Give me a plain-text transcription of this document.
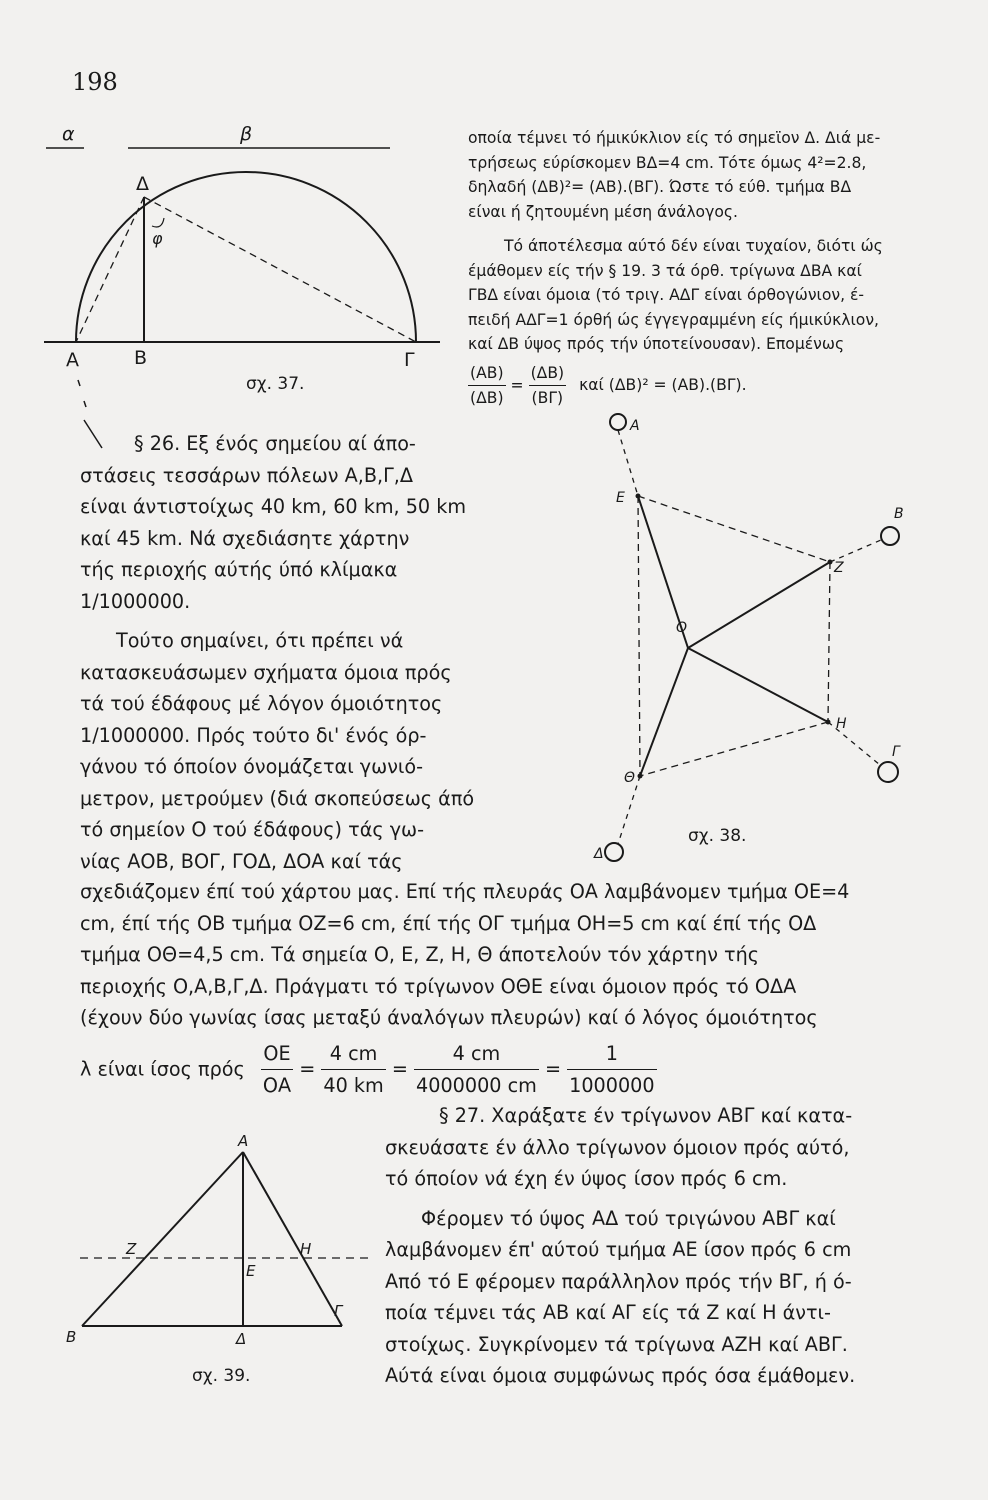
198
α	β
Δ
φ
Α	Β	Γ
σχ. 37.
οποία τέμνει τό ήμικύκλιον είς τό σημεϊον Δ. Διά με-
τρήσεως εύρίσκομεν ΒΔ=4 cm. Τότε όμως 4²=2.8,
δηλαδή (ΔΒ)²= (ΑΒ).(ΒΓ). Ώστε τό εύθ. τμήμα ΒΔ
είναι ή ζητουμένη μέση άνάλογος.
Τό άποτέλεσμα αύτό δέν είναι τυχαίον, διότι ώς
έμάθομεν είς τήν § 19. 3 τά όρθ. τρίγωνα ΔΒΑ καί
ΓΒΔ είναι όμοια (τό τριγ. ΑΔΓ είναι όρθογώνιον, έ-
πειδή ΑΔΓ=1 όρθή ώς έγγεγραμμένη είς ήμικύκλιον,
καί ΔΒ ύψος πρός τήν ύποτείνουσαν). Επομένως
$\frac{(AB)}{(\Delta B)} = \frac{(\Delta B)}{(B\Gamma)}$ καί (ΔΒ)² = (ΑΒ).(ΒΓ).
§ 26. Εξ ένός σημείου αί άπο-
στάσεις τεσσάρων πόλεων Α,Β,Γ,Δ
είναι άντιστοίχως 40 km, 60 km, 50 km
καί 45 km. Νά σχεδιάσητε χάρτην
τής περιοχής αύτής ύπό κλίμακα
1/1000000.
Τούτο σημαίνει, ότι πρέπει νά
κατασκευάσωμεν σχήματα όμοια πρός
τά τού έδάφους μέ λόγον όμοιότητος
1/1000000. Πρός τούτο δι' ένός όρ-
γάνου τό όποίον όνομάζεται γωνιό-
μετρον, μετρούμεν (διά σκοπεύσεως άπό
τό σημείον Ο τού έδάφους) τάς γω-
νίας ΑΟΒ, ΒΟΓ, ΓΟΔ, ΔΟΑ καί τάς
Α
Ε
Β
Ζ
Ο
Η
Γ
Θ
Δ
σχ. 38.
σχεδιάζομεν έπί τού χάρτου μας. Επί τής πλευράς ΟΑ λαμβάνομεν τμήμα ΟΕ=4
cm, έπί τής ΟΒ τμήμα ΟΖ=6 cm, έπί τής ΟΓ τμήμα ΟΗ=5 cm καί έπί τής ΟΔ
τμήμα ΟΘ=4,5 cm. Τά σημεία Ο, Ε, Ζ, Η, Θ άποτελούν τόν χάρτην τής
περιοχής Ο,Α,Β,Γ,Δ. Πράγματι τό τρίγωνον ΟΘΕ είναι όμοιον πρός τό ΟΔΑ
(έχουν δύο γωνίας ίσας μεταξύ άναλόγων πλευρών) καί ό λόγος όμοιότητος
λ είναι ίσος πρός $\frac{OE}{OA} = \frac{4 cm}{40 km} = \frac{4 cm}{4000000 cm} = \frac{1}{1000000}$
§ 27. Χαράξατε έν τρίγωνον ΑΒΓ καί κατα-
σκευάσατε έν άλλο τρίγωνον όμοιον πρός αύτό,
τό όποίον νά έχη έν ύψος ίσον πρός 6 cm.
Φέρομεν τό ύψος ΑΔ τού τριγώνου ΑΒΓ καί
λαμβάνομεν έπ' αύτού τμήμα ΑΕ ίσον πρός 6 cm
Από τό Ε φέρομεν παράλληλον πρός τήν ΒΓ, ή ό-
ποία τέμνει τάς ΑΒ καί ΑΓ είς τά Ζ καί Η άντι-
στοίχως. Συγκρίνομεν τά τρίγωνα ΑΖΗ καί ΑΒΓ.
Αύτά είναι όμοια συμφώνως πρός όσα έμάθομεν.
Α
Ζ	Η
Ε
Β	Δ
Γ
σχ. 39.
